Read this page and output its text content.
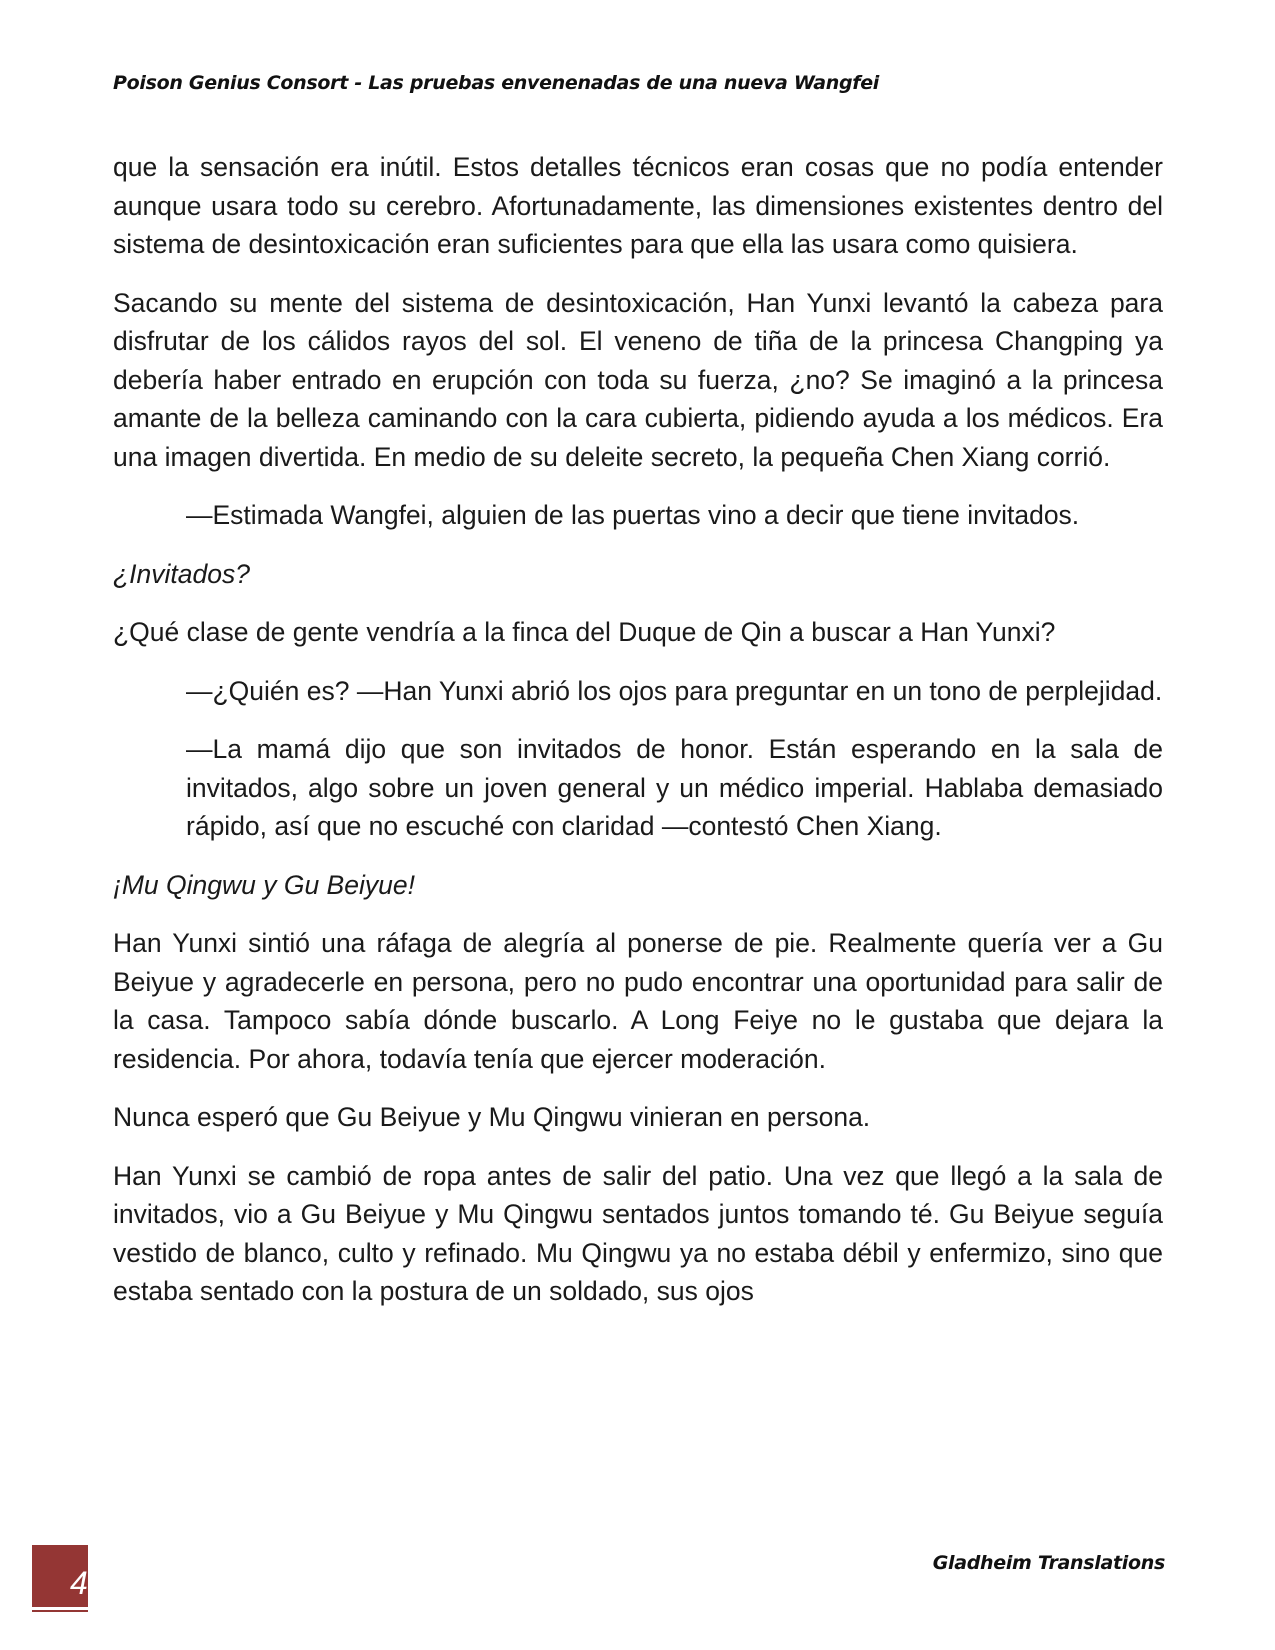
Poison Genius Consort - Las pruebas envenenadas de una nueva Wangfei

que la sensación era inútil. Estos detalles técnicos eran cosas que no podía entender aunque usara todo su cerebro. Afortunadamente, las dimensiones existentes dentro del sistema de desintoxicación eran suficientes para que ella las usara como quisiera.

Sacando su mente del sistema de desintoxicación, Han Yunxi levantó la cabeza para disfrutar de los cálidos rayos del sol. El veneno de tiña de la princesa Changping ya debería haber entrado en erupción con toda su fuerza, ¿no? Se imaginó a la princesa amante de la belleza caminando con la cara cubierta, pidiendo ayuda a los médicos. Era una imagen divertida. En medio de su deleite secreto, la pequeña Chen Xiang corrió.

—Estimada Wangfei, alguien de las puertas vino a decir que tiene invitados.

¿Invitados?

¿Qué clase de gente vendría a la finca del Duque de Qin a buscar a Han Yunxi?

—¿Quién es? —Han Yunxi abrió los ojos para preguntar en un tono de perplejidad.

—La mamá dijo que son invitados de honor. Están esperando en la sala de invitados, algo sobre un joven general y un médico imperial. Hablaba demasiado rápido, así que no escuché con claridad —contestó Chen Xiang.

¡Mu Qingwu y Gu Beiyue!

Han Yunxi sintió una ráfaga de alegría al ponerse de pie. Realmente quería ver a Gu Beiyue y agradecerle en persona, pero no pudo encontrar una oportunidad para salir de la casa. Tampoco sabía dónde buscarlo. A Long Feiye no le gustaba que dejara la residencia. Por ahora, todavía tenía que ejercer moderación.

Nunca esperó que Gu Beiyue y Mu Qingwu vinieran en persona.

Han Yunxi se cambió de ropa antes de salir del patio. Una vez que llegó a la sala de invitados, vio a Gu Beiyue y Mu Qingwu sentados juntos tomando té. Gu Beiyue seguía vestido de blanco, culto y refinado. Mu Qingwu ya no estaba débil y enfermizo, sino que estaba sentado con la postura de un soldado, sus ojos

4
Gladheim Translations
